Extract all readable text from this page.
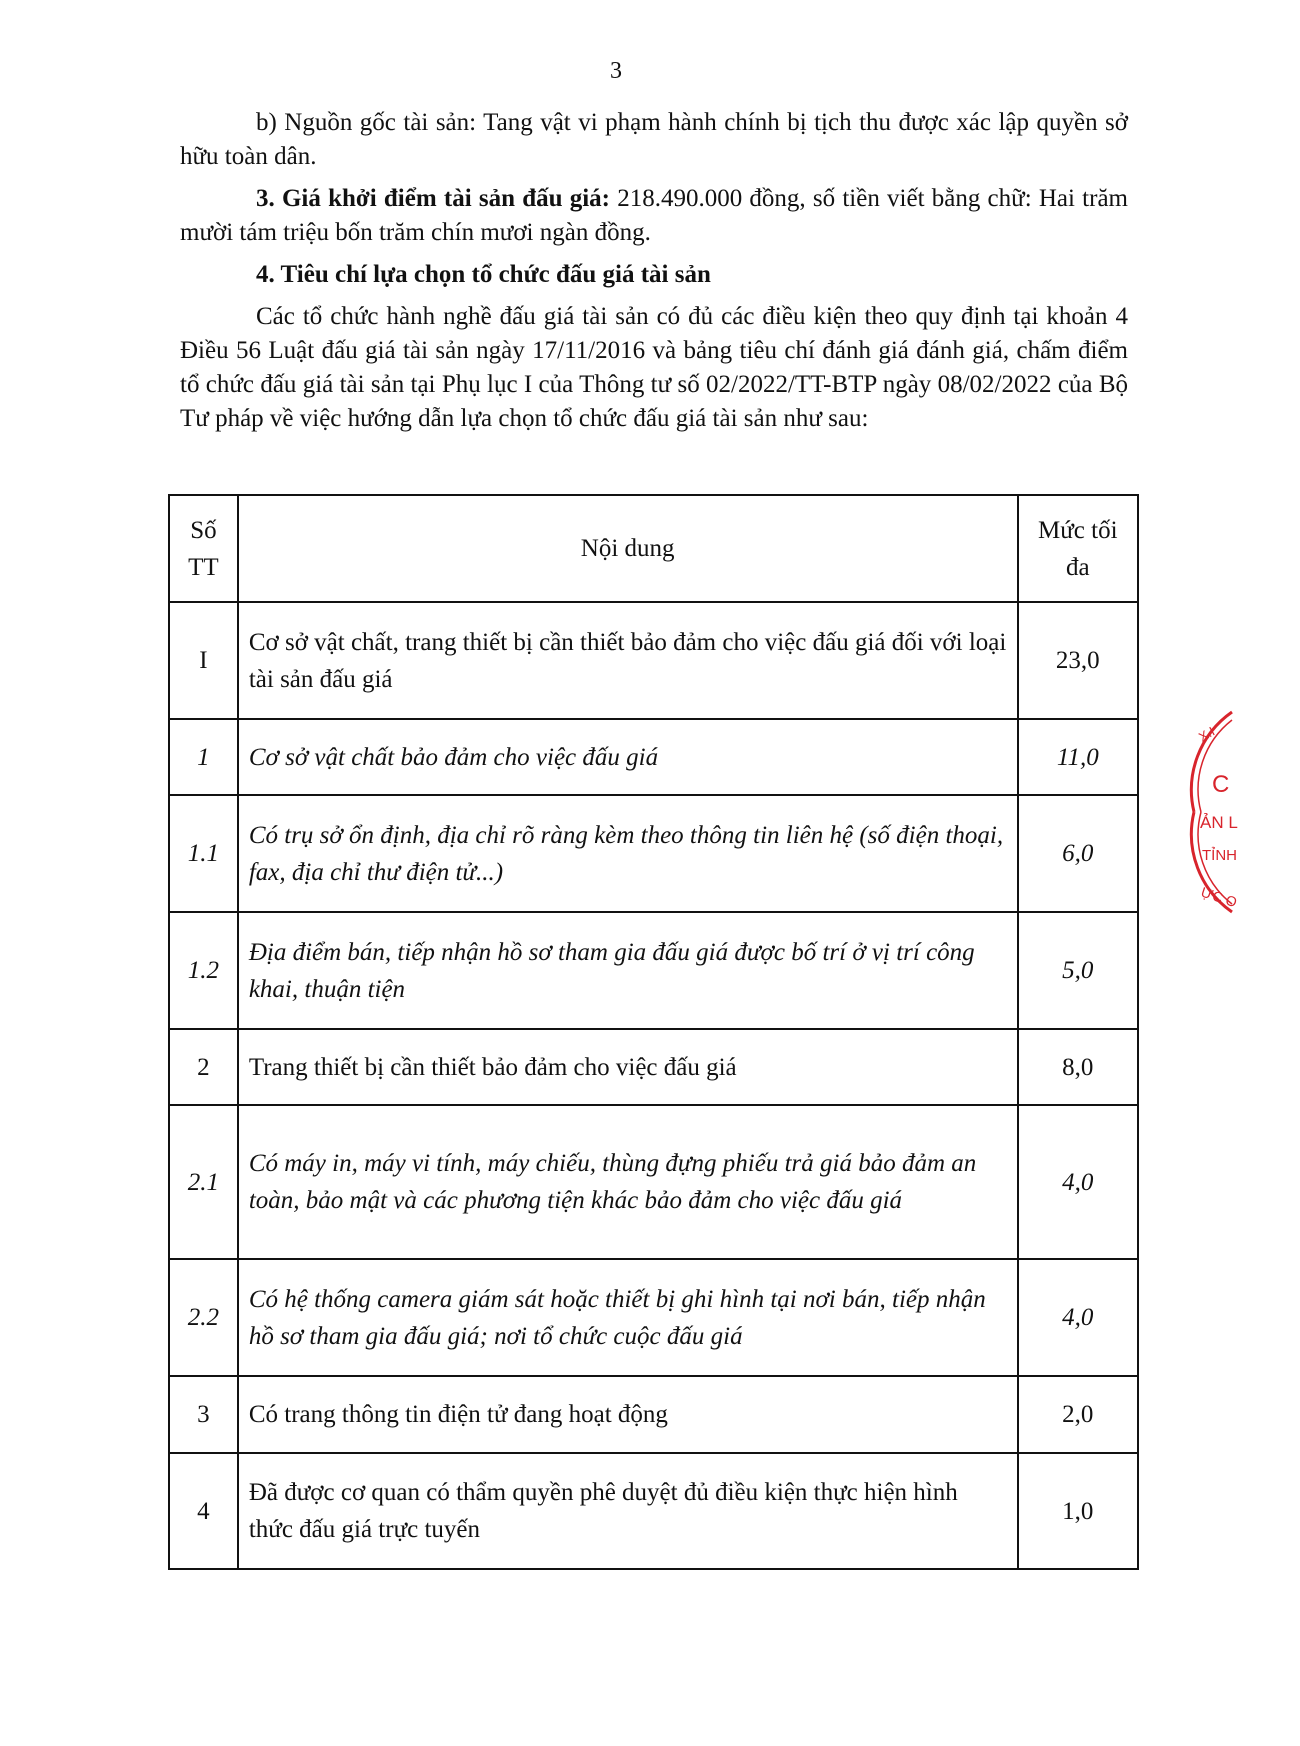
3

b) Nguồn gốc tài sản: Tang vật vi phạm hành chính bị tịch thu được xác lập quyền sở hữu toàn dân.

3. Giá khởi điểm tài sản đấu giá: 218.490.000 đồng, số tiền viết bằng chữ: Hai trăm mười tám triệu bốn trăm chín mươi ngàn đồng.

4. Tiêu chí lựa chọn tổ chức đấu giá tài sản

Các tổ chức hành nghề đấu giá tài sản có đủ các điều kiện theo quy định tại khoản 4 Điều 56 Luật đấu giá tài sản ngày 17/11/2016 và bảng tiêu chí đánh giá đánh giá, chấm điểm tổ chức đấu giá tài sản tại Phụ lục I của Thông tư số 02/2022/TT-BTP ngày 08/02/2022 của Bộ Tư pháp về việc hướng dẫn lựa chọn tổ chức đấu giá tài sản như sau:

Số TT	Nội dung	Mức tối đa
I	Cơ sở vật chất, trang thiết bị cần thiết bảo đảm cho việc đấu giá đối với loại tài sản đấu giá	23,0
1	Cơ sở vật chất bảo đảm cho việc đấu giá	11,0
1.1	Có trụ sở ổn định, địa chỉ rõ ràng kèm theo thông tin liên hệ (số điện thoại, fax, địa chỉ thư điện tử...)	6,0
1.2	Địa điểm bán, tiếp nhận hồ sơ tham gia đấu giá được bố trí ở vị trí công khai, thuận tiện	5,0
2	Trang thiết bị cần thiết bảo đảm cho việc đấu giá	8,0
2.1	Có máy in, máy vi tính, máy chiếu, thùng đựng phiếu trả giá bảo đảm an toàn, bảo mật và các phương tiện khác bảo đảm cho việc đấu giá	4,0
2.2	Có hệ thống camera giám sát hoặc thiết bị ghi hình tại nơi bán, tiếp nhận hồ sơ tham gia đấu giá; nơi tổ chức cuộc đấu giá	4,0
3	Có trang thông tin điện tử đang hoạt động	2,0
4	Đã được cơ quan có thẩm quyền phê duyệt đủ điều kiện thực hiện hình thức đấu giá trực tuyến	1,0
X.I
C
ẢN L
TỈNH
ỰC O
